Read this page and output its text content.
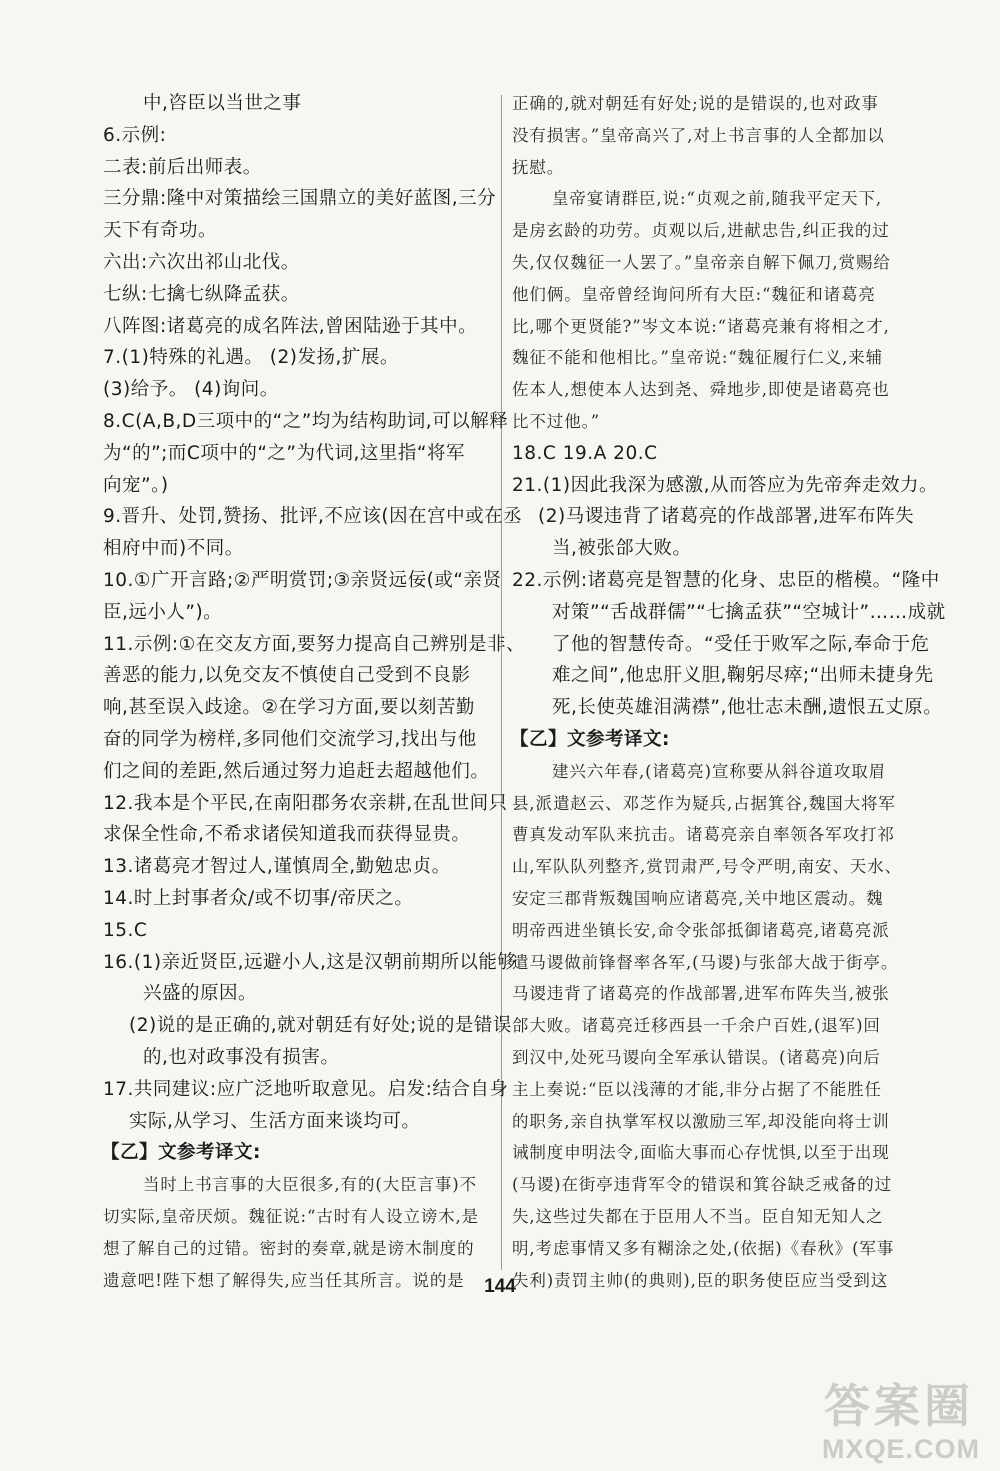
中,咨臣以当世之事
6.示例:
二表:前后出师表。
三分鼎:隆中对策描绘三国鼎立的美好蓝图,三分
天下有奇功。
六出:六次出祁山北伐。
七纵:七擒七纵降孟获。
八阵图:诸葛亮的成名阵法,曾困陆逊于其中。
7.(1)特殊的礼遇。 (2)发扬,扩展。
(3)给予。 (4)询问。
8.C(A,B,D三项中的“之”均为结构助词,可以解释
为“的”;而C项中的“之”为代词,这里指“将军
向宠”。)
9.晋升、处罚,赞扬、批评,不应该(因在宫中或在丞
相府中而)不同。
10.①广开言路;②严明赏罚;③亲贤远佞(或“亲贤
臣,远小人”)。
11.示例:①在交友方面,要努力提高自己辨别是非、
善恶的能力,以免交友不慎使自己受到不良影
响,甚至误入歧途。②在学习方面,要以刻苦勤
奋的同学为榜样,多同他们交流学习,找出与他
们之间的差距,然后通过努力追赶去超越他们。
12.我本是个平民,在南阳郡务农亲耕,在乱世间只
求保全性命,不希求诸侯知道我而获得显贵。
13.诸葛亮才智过人,谨慎周全,勤勉忠贞。
14.时上封事者众/或不切事/帝厌之。
15.C
16.(1)亲近贤臣,远避小人,这是汉朝前期所以能够
兴盛的原因。
(2)说的是正确的,就对朝廷有好处;说的是错误
的,也对政事没有损害。
17.共同建议:应广泛地听取意见。启发:结合自身
实际,从学习、生活方面来谈均可。
【乙】文参考译文:
当时上书言事的大臣很多,有的(大臣言事)不
切实际,皇帝厌烦。魏征说:“古时有人设立谤木,是
想了解自己的过错。密封的奏章,就是谤木制度的
遗意吧!陛下想了解得失,应当任其所言。说的是
正确的,就对朝廷有好处;说的是错误的,也对政事
没有损害。”皇帝高兴了,对上书言事的人全都加以
抚慰。
皇帝宴请群臣,说:“贞观之前,随我平定天下,
是房玄龄的功劳。贞观以后,进献忠告,纠正我的过
失,仅仅魏征一人罢了。”皇帝亲自解下佩刀,赏赐给
他们俩。皇帝曾经询问所有大臣:“魏征和诸葛亮
比,哪个更贤能?”岑文本说:“诸葛亮兼有将相之才,
魏征不能和他相比。”皇帝说:“魏征履行仁义,来辅
佐本人,想使本人达到尧、舜地步,即使是诸葛亮也
比不过他。”
18.C 19.A 20.C
21.(1)因此我深为感激,从而答应为先帝奔走效力。
(2)马谡违背了诸葛亮的作战部署,进军布阵失
当,被张郃大败。
22.示例:诸葛亮是智慧的化身、忠臣的楷模。“隆中
对策”“舌战群儒”“七擒孟获”“空城计”……成就
了他的智慧传奇。“受任于败军之际,奉命于危
难之间”,他忠肝义胆,鞠躬尽瘁;“出师未捷身先
死,长使英雄泪满襟”,他壮志未酬,遗恨五丈原。
【乙】文参考译文:
建兴六年春,(诸葛亮)宣称要从斜谷道攻取眉
县,派遣赵云、邓芝作为疑兵,占据箕谷,魏国大将军
曹真发动军队来抗击。诸葛亮亲自率领各军攻打祁
山,军队队列整齐,赏罚肃严,号令严明,南安、天水、
安定三郡背叛魏国响应诸葛亮,关中地区震动。魏
明帝西进坐镇长安,命令张郃抵御诸葛亮,诸葛亮派
遣马谡做前锋督率各军,(马谡)与张郃大战于街亭。
马谡违背了诸葛亮的作战部署,进军布阵失当,被张
郃大败。诸葛亮迁移西县一千余户百姓,(退军)回
到汉中,处死马谡向全军承认错误。(诸葛亮)向后
主上奏说:“臣以浅薄的才能,非分占据了不能胜任
的职务,亲自执掌军权以激励三军,却没能向将士训
诫制度申明法令,面临大事而心存忧惧,以至于出现
(马谡)在街亭违背军令的错误和箕谷缺乏戒备的过
失,这些过失都在于臣用人不当。臣自知无知人之
明,考虑事情又多有糊涂之处,(依据)《春秋》(军事
失利)责罚主帅(的典则),臣的职务使臣应当受到这
144
答案圈
MXQE.COM
